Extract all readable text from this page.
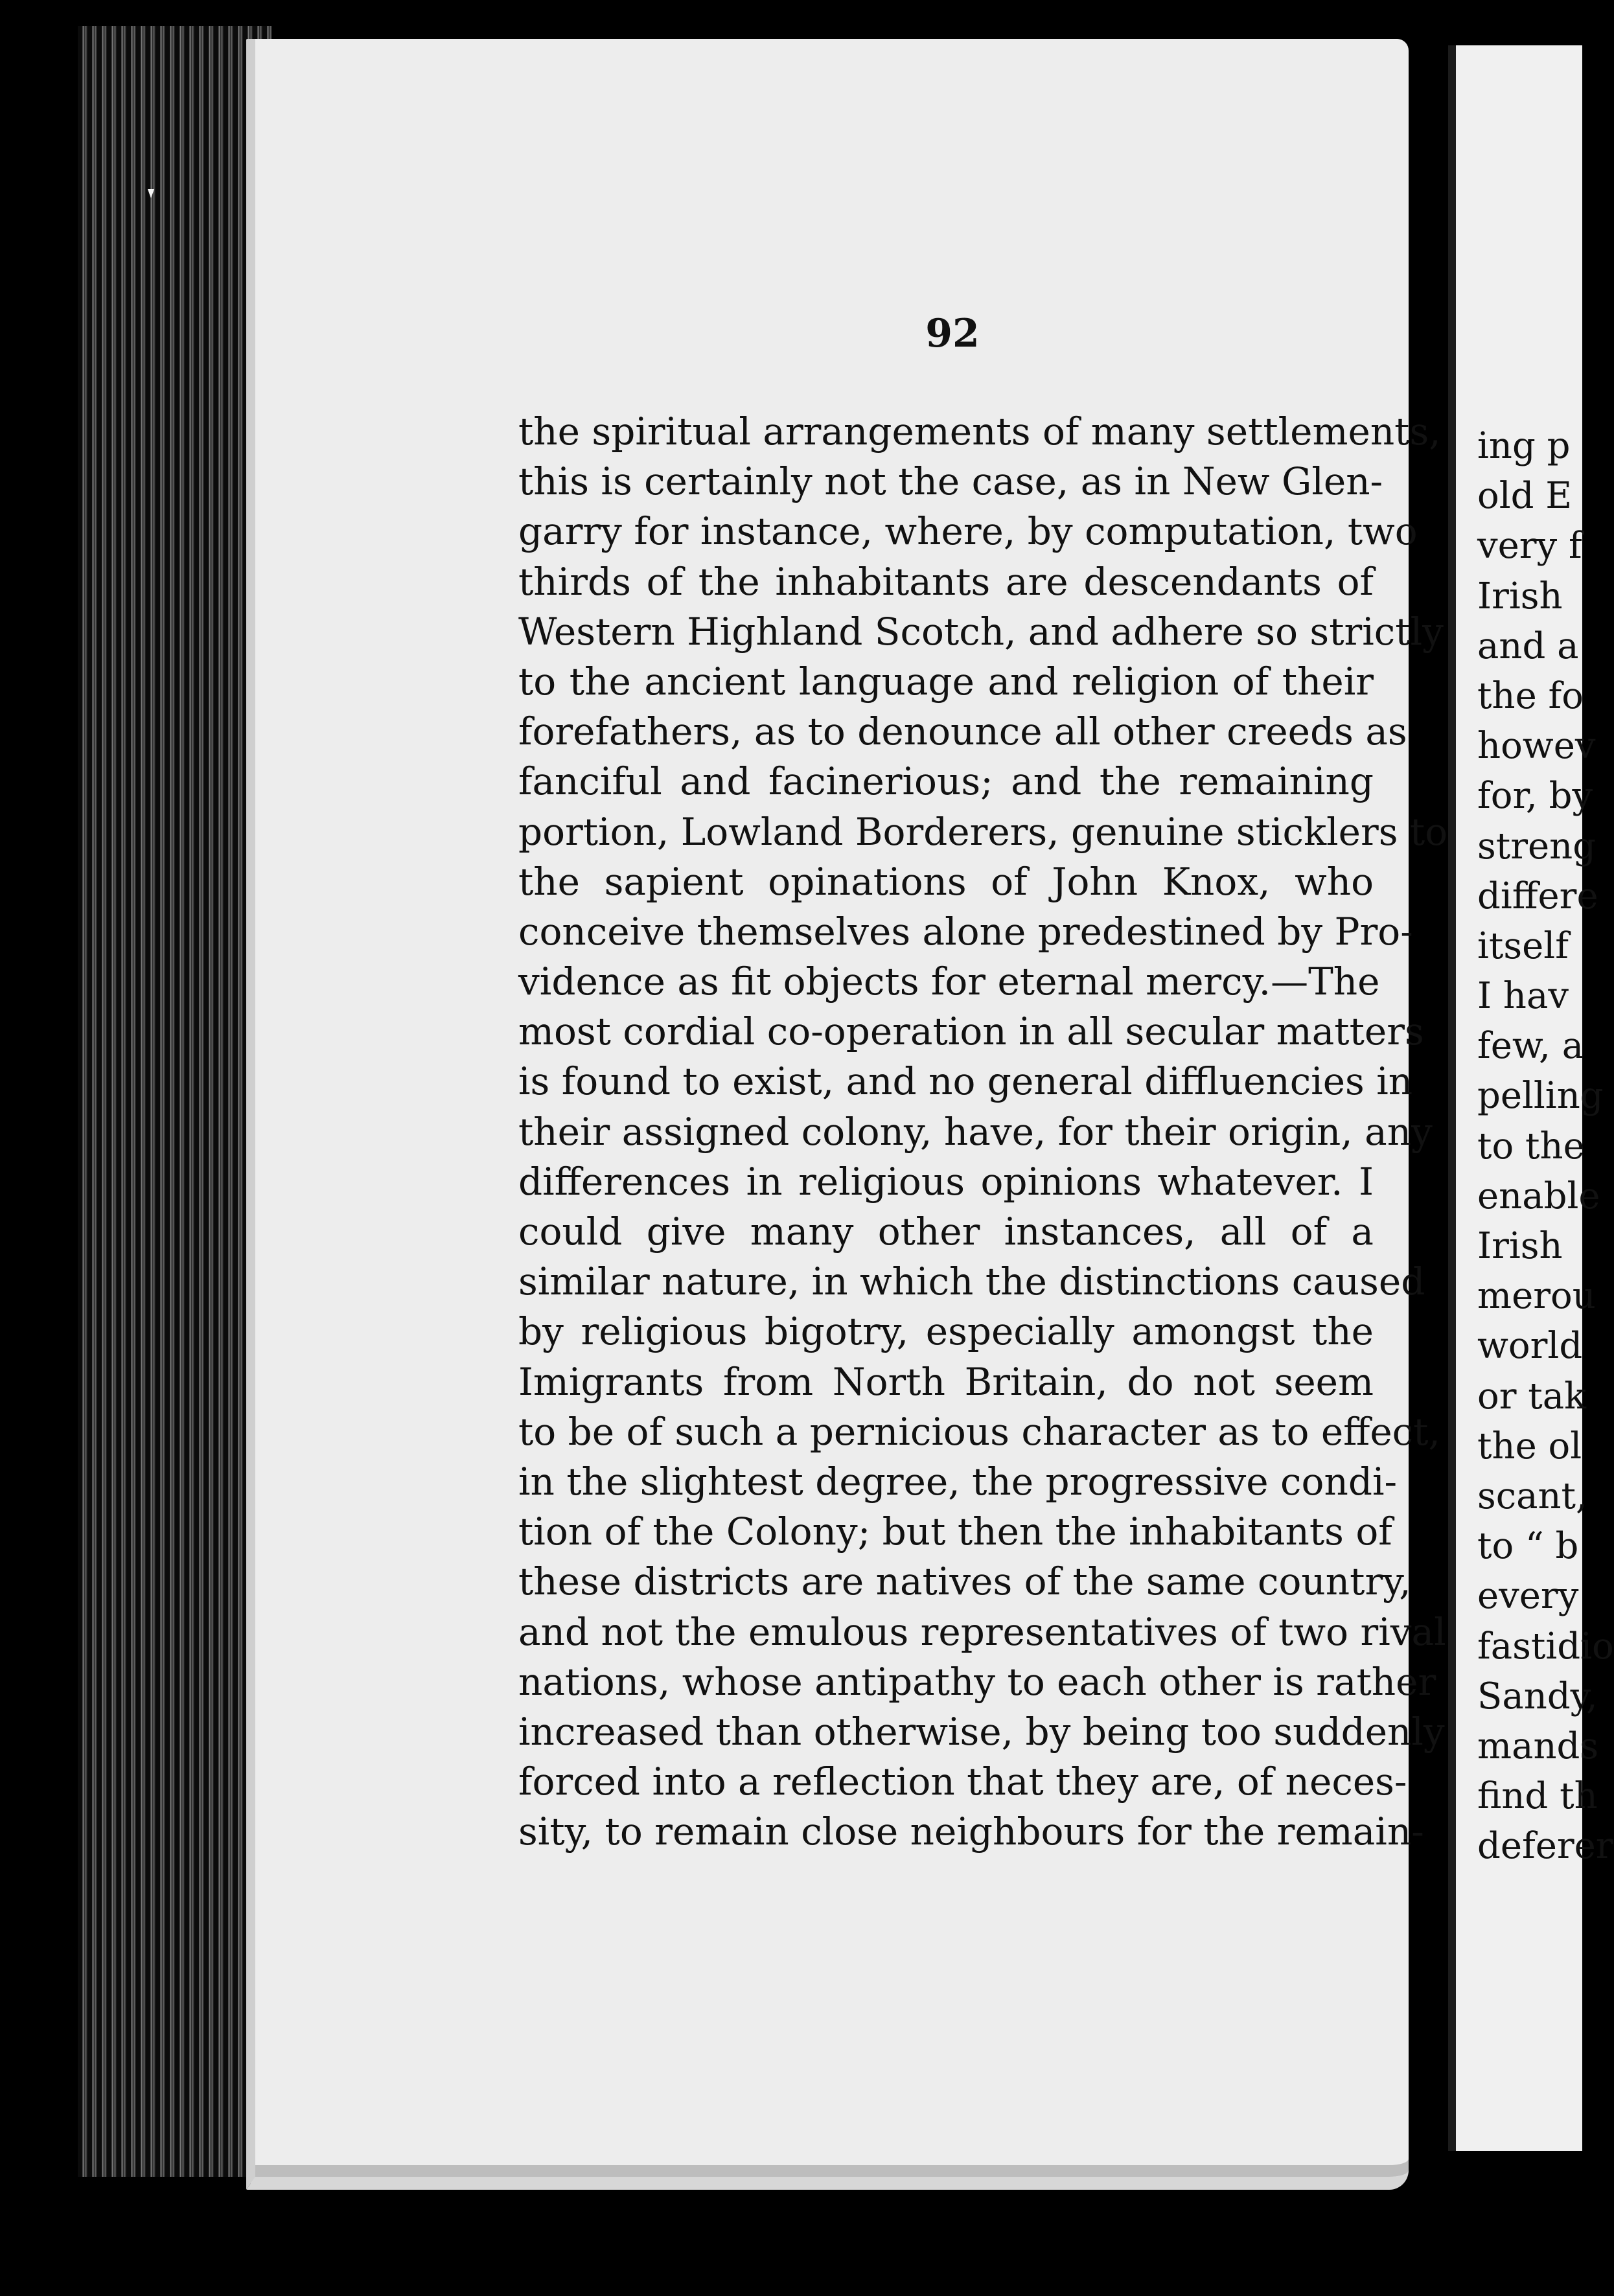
92
the spiritual arrangements of many settlements,
this is certainly not the case, as in New Glen-
garry for instance, where, by computation, two
thirds of the inhabitants are descendants of
Western Highland Scotch, and adhere so strictly
to the ancient language and religion of their
forefathers, as to denounce all other creeds as
fanciful and facinerious; and the remaining
portion, Lowland Borderers, genuine sticklers to
the sapient opinations of John Knox, who
conceive themselves alone predestined by Pro-
vidence as fit objects for eternal mercy.—The
most cordial co-operation in all secular matters
is found to exist, and no general diffluencies in
their assigned colony, have, for their origin, any
differences in religious opinions whatever. I
could give many other instances, all of a
similar nature, in which the distinctions caused
by religious bigotry, especially amongst the
Imigrants from North Britain, do not seem
to be of such a pernicious character as to effect,
in the slightest degree, the progressive condi-
tion of the Colony; but then the inhabitants of
these districts are natives of the same country,
and not the emulous representatives of two rival
nations, whose antipathy to each other is rather
increased than otherwise, by being too suddenly
forced into a reflection that they are, of neces-
sity, to remain close neighbours for the remain-
ing p
old E
very f
Irish
and a
the fo
howev
for, by
streng
differe
itself
I hav
few, a
pelling
to the
enable
Irish
merou
world
or tak
the ol
scant,
to “ b
every
fastidio
Sandy,
mands
find th
deferer
